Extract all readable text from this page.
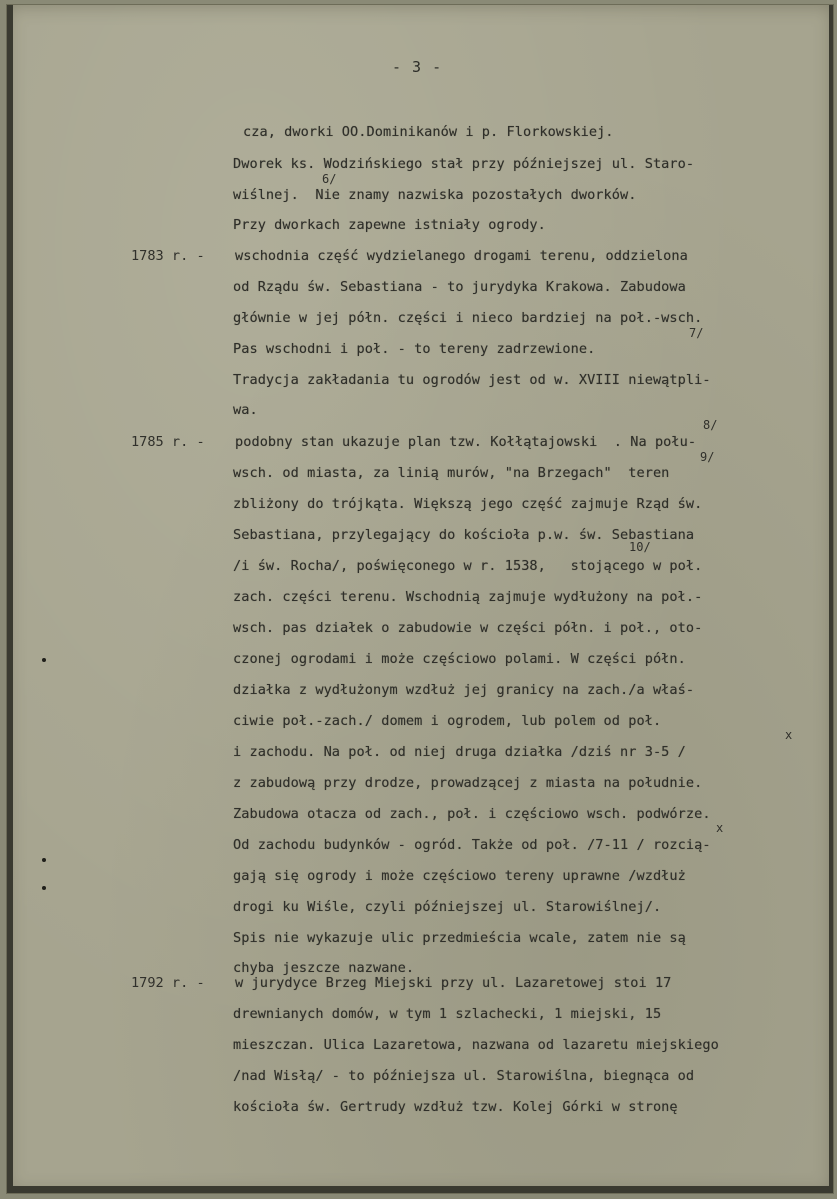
- 3 -
cza, dworki OO.Dominikanów i p. Florkowskiej.
Dworek ks. Wodzińskiego stał przy późniejszej ul. Staro-
wiślnej.  Nie znamy nazwiska pozostałych dworków.
6/
Przy dworkach zapewne istniały ogrody.
1783 r. - wschodnia część wydzielanego drogami terenu, oddzielona
od Rządu św. Sebastiana - to jurydyka Krakowa. Zabudowa
głównie w jej półn. części i nieco bardziej na poł.-wsch.
Pas wschodni i poł. - to tereny zadrzewione.
7/
Tradycja zakładania tu ogrodów jest od w. XVIII niewątpli-
wa.
1785 r. - podobny stan ukazuje plan tzw. Kołłątajowski  . Na połu-
8/
wsch. od miasta, za linią murów, "na Brzegach"  teren
9/
zbliżony do trójkąta. Większą jego część zajmuje Rząd św.
Sebastiana, przylegający do kościoła p.w. św. Sebastiana
/i św. Rocha/, poświęconego w r. 1538,   stojącego w poł.
10/
zach. części terenu. Wschodnią zajmuje wydłużony na poł.-
wsch. pas działek o zabudowie w części półn. i poł., oto-
czonej ogrodami i może częściowo polami. W części półn.
działka z wydłużonym wzdłuż jej granicy na zach./a właś-
ciwie poł.-zach./ domem i ogrodem, lub polem od poł.
i zachodu. Na poł. od niej druga działka /dziś nr 3-5 /
x
z zabudową przy drodze, prowadzącej z miasta na południe.
Zabudowa otacza od zach., poł. i częściowo wsch. podwórze.
Od zachodu budynków - ogród. Także od poł. /7-11 / rozcią-
x
gają się ogrody i może częściowo tereny uprawne /wzdłuż
drogi ku Wiśle, czyli późniejszej ul. Starowiślnej/.
Spis nie wykazuje ulic przedmieścia wcale, zatem nie są
chyba jeszcze nazwane.
1792 r. - w jurydyce Brzeg Miejski przy ul. Lazaretowej stoi 17
drewnianych domów, w tym 1 szlachecki, 1 miejski, 15
mieszczan. Ulica Lazaretowa, nazwana od lazaretu miejskiego
/nad Wisłą/ - to późniejsza ul. Starowiślna, biegnąca od
kościoła św. Gertrudy wzdłuż tzw. Kolej Górki w stronę
